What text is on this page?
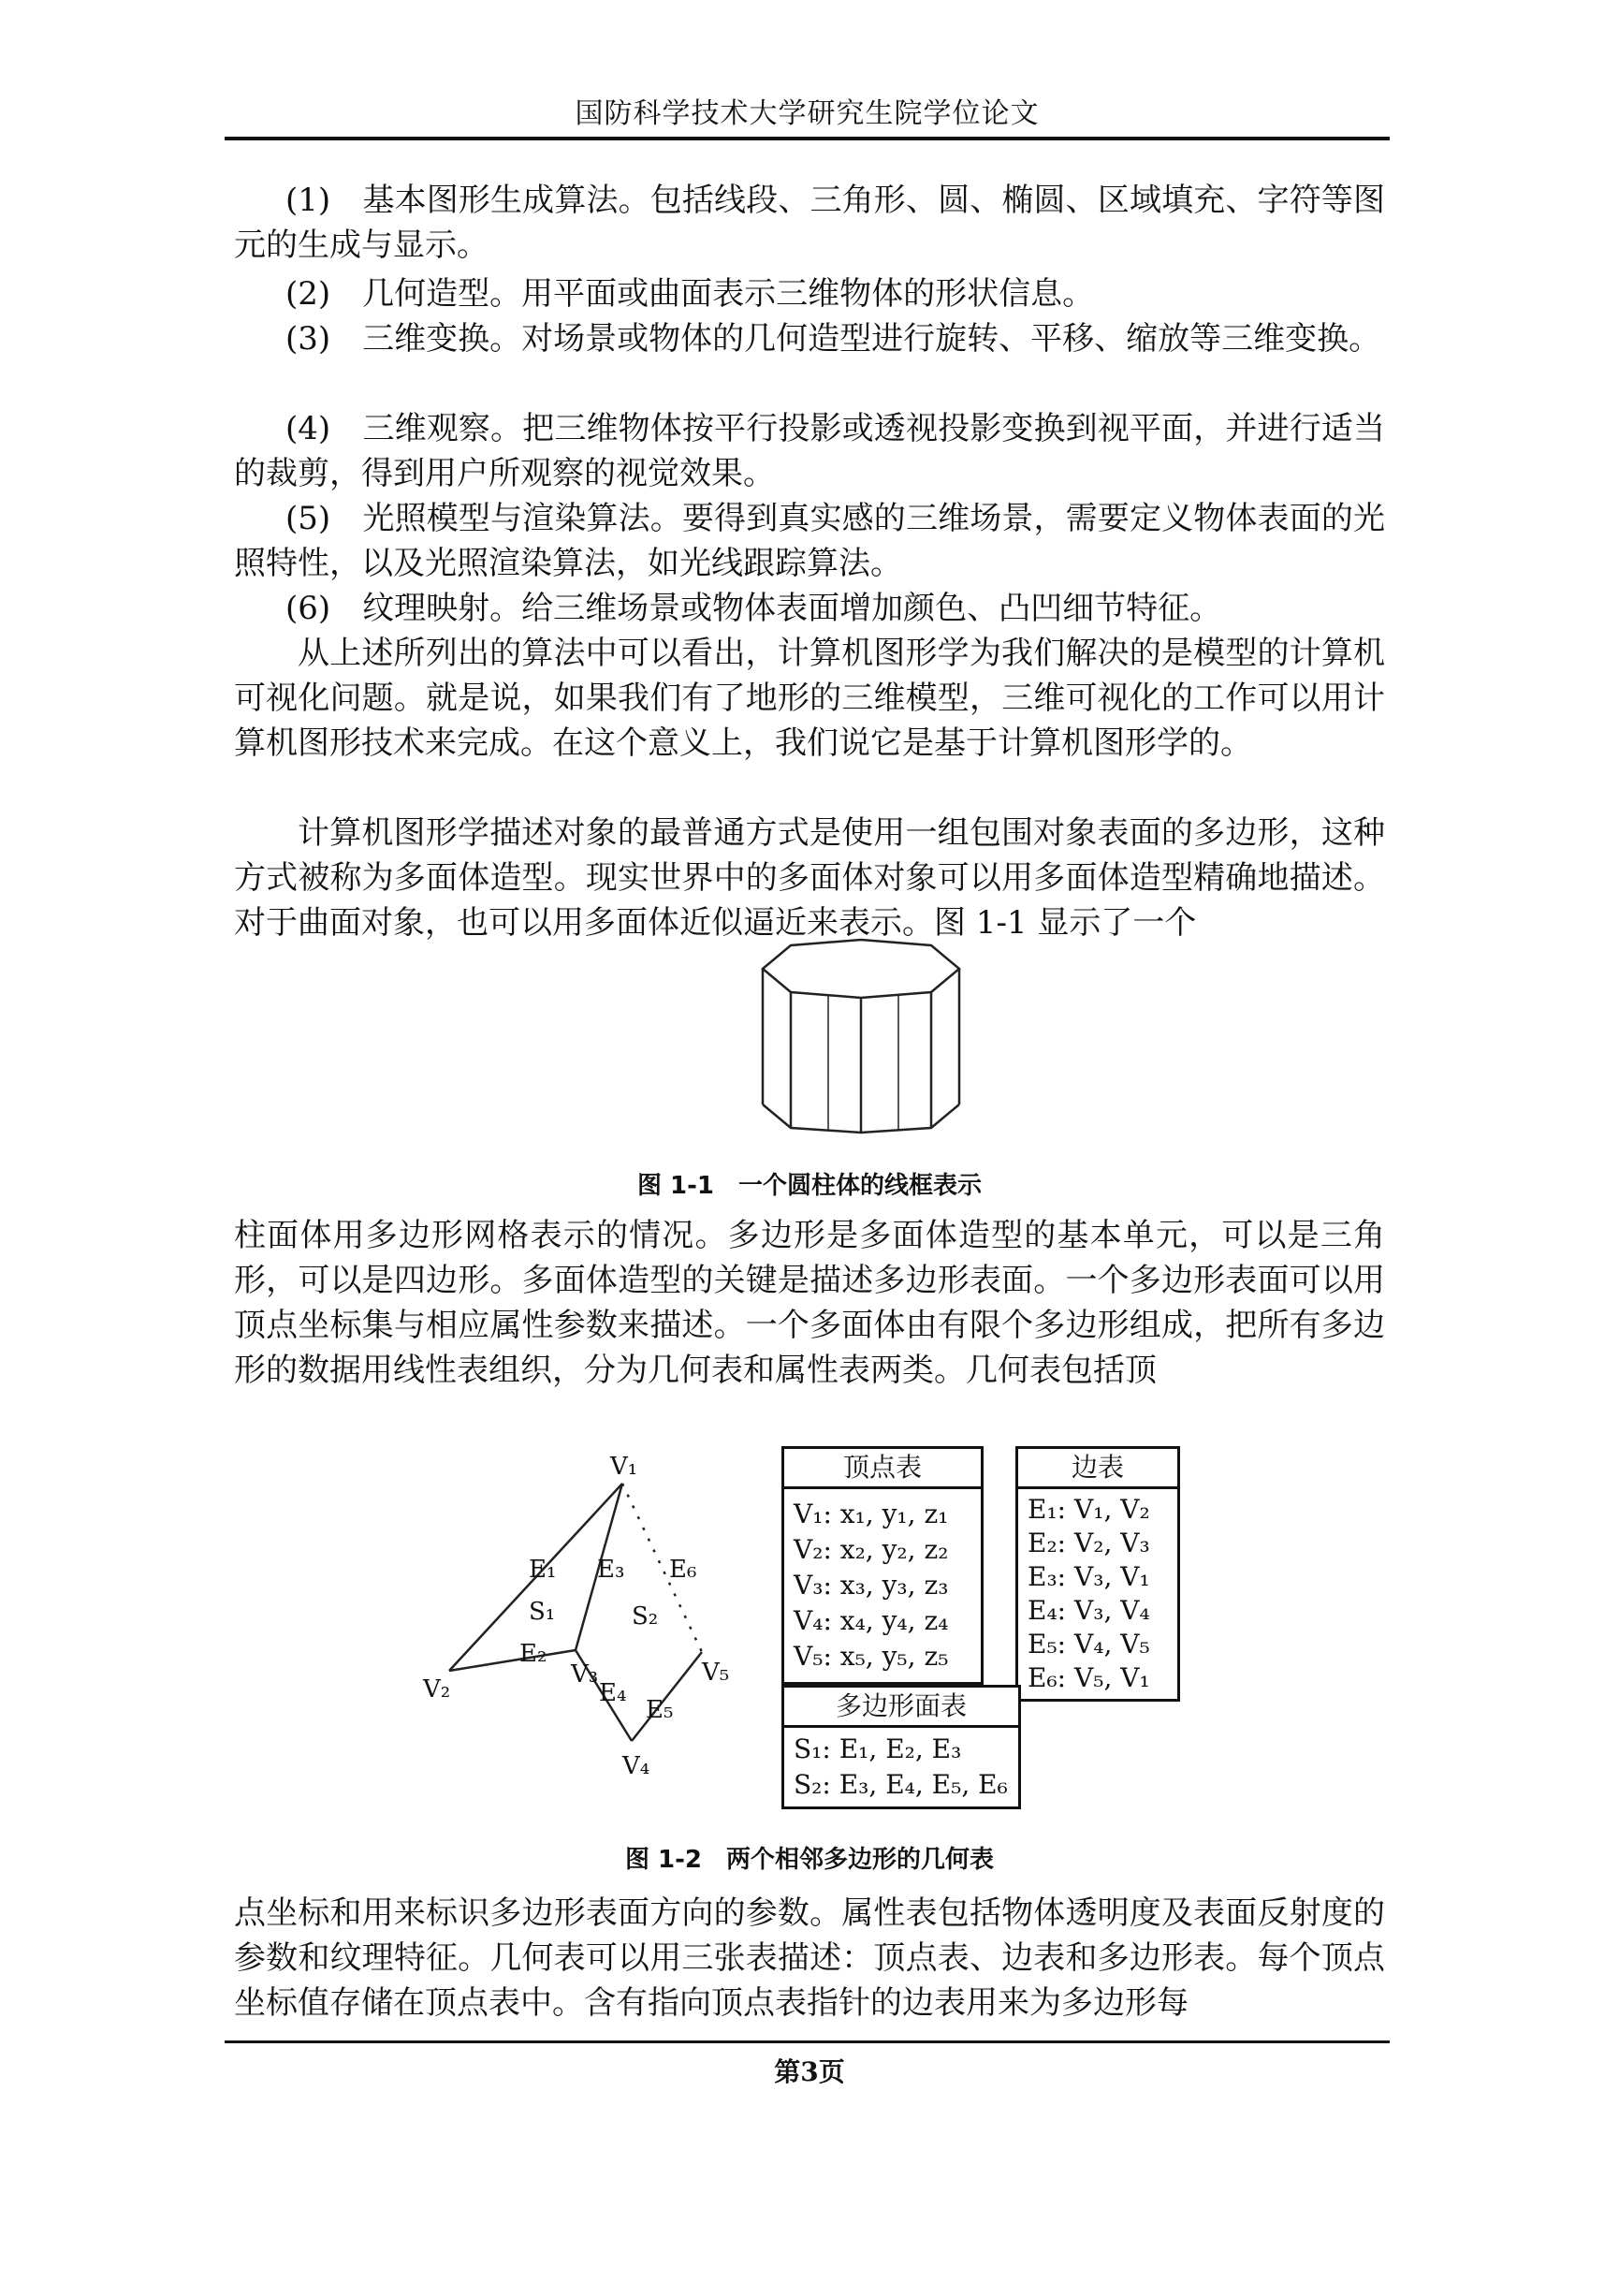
国防科学技术大学研究生院学位论文

(1)　基本图形生成算法。包括线段、三角形、圆、椭圆、区域填充、字符等图元的生成与显示。

(2)　几何造型。用平面或曲面表示三维物体的形状信息。

(3)　三维变换。对场景或物体的几何造型进行旋转、平移、缩放等三维变换。

(4)　三维观察。把三维物体按平行投影或透视投影变换到视平面，并进行适当的裁剪，得到用户所观察的视觉效果。

(5)　光照模型与渲染算法。要得到真实感的三维场景，需要定义物体表面的光照特性，以及光照渲染算法，如光线跟踪算法。

(6)　纹理映射。给三维场景或物体表面增加颜色、凸凹细节特征。

从上述所列出的算法中可以看出，计算机图形学为我们解决的是模型的计算机可视化问题。就是说，如果我们有了地形的三维模型，三维可视化的工作可以用计算机图形技术来完成。在这个意义上，我们说它是基于计算机图形学的。

计算机图形学描述对象的最普通方式是使用一组包围对象表面的多边形，这种方式被称为多面体造型。现实世界中的多面体对象可以用多面体造型精确地描述。对于曲面对象，也可以用多面体近似逼近来表示。图 1-1 显示了一个

图 1-1　一个圆柱体的线框表示

柱面体用多边形网格表示的情况。多边形是多面体造型的基本单元，可以是三角形，可以是四边形。多面体造型的关键是描述多边形表面。一个多边形表面可以用顶点坐标集与相应属性参数来描述。一个多面体由有限个多边形组成，把所有多边形的数据用线性表组织，分为几何表和属性表两类。几何表包括顶

V₁
V₂
V₃
V₄
V₅
E₁
E₂
E₃
E₄
E₅
E₆
S₁	S₂
顶点表
V₁: x₁, y₁, z₁
V₂: x₂, y₂, z₂
V₃: x₃, y₃, z₃
V₄: x₄, y₄, z₄
V₅: x₅, y₅, z₅
边表
E₁: V₁, V₂
E₂: V₂, V₃
E₃: V₃, V₁
E₄: V₃, V₄
E₅: V₄, V₅
E₆: V₅, V₁
多边形面表
S₁: E₁, E₂, E₃
S₂: E₃, E₄, E₅, E₆
图 1-2　两个相邻多边形的几何表

点坐标和用来标识多边形表面方向的参数。属性表包括物体透明度及表面反射度的参数和纹理特征。几何表可以用三张表描述：顶点表、边表和多边形表。每个顶点坐标值存储在顶点表中。含有指向顶点表指针的边表用来为多边形每

第3页
